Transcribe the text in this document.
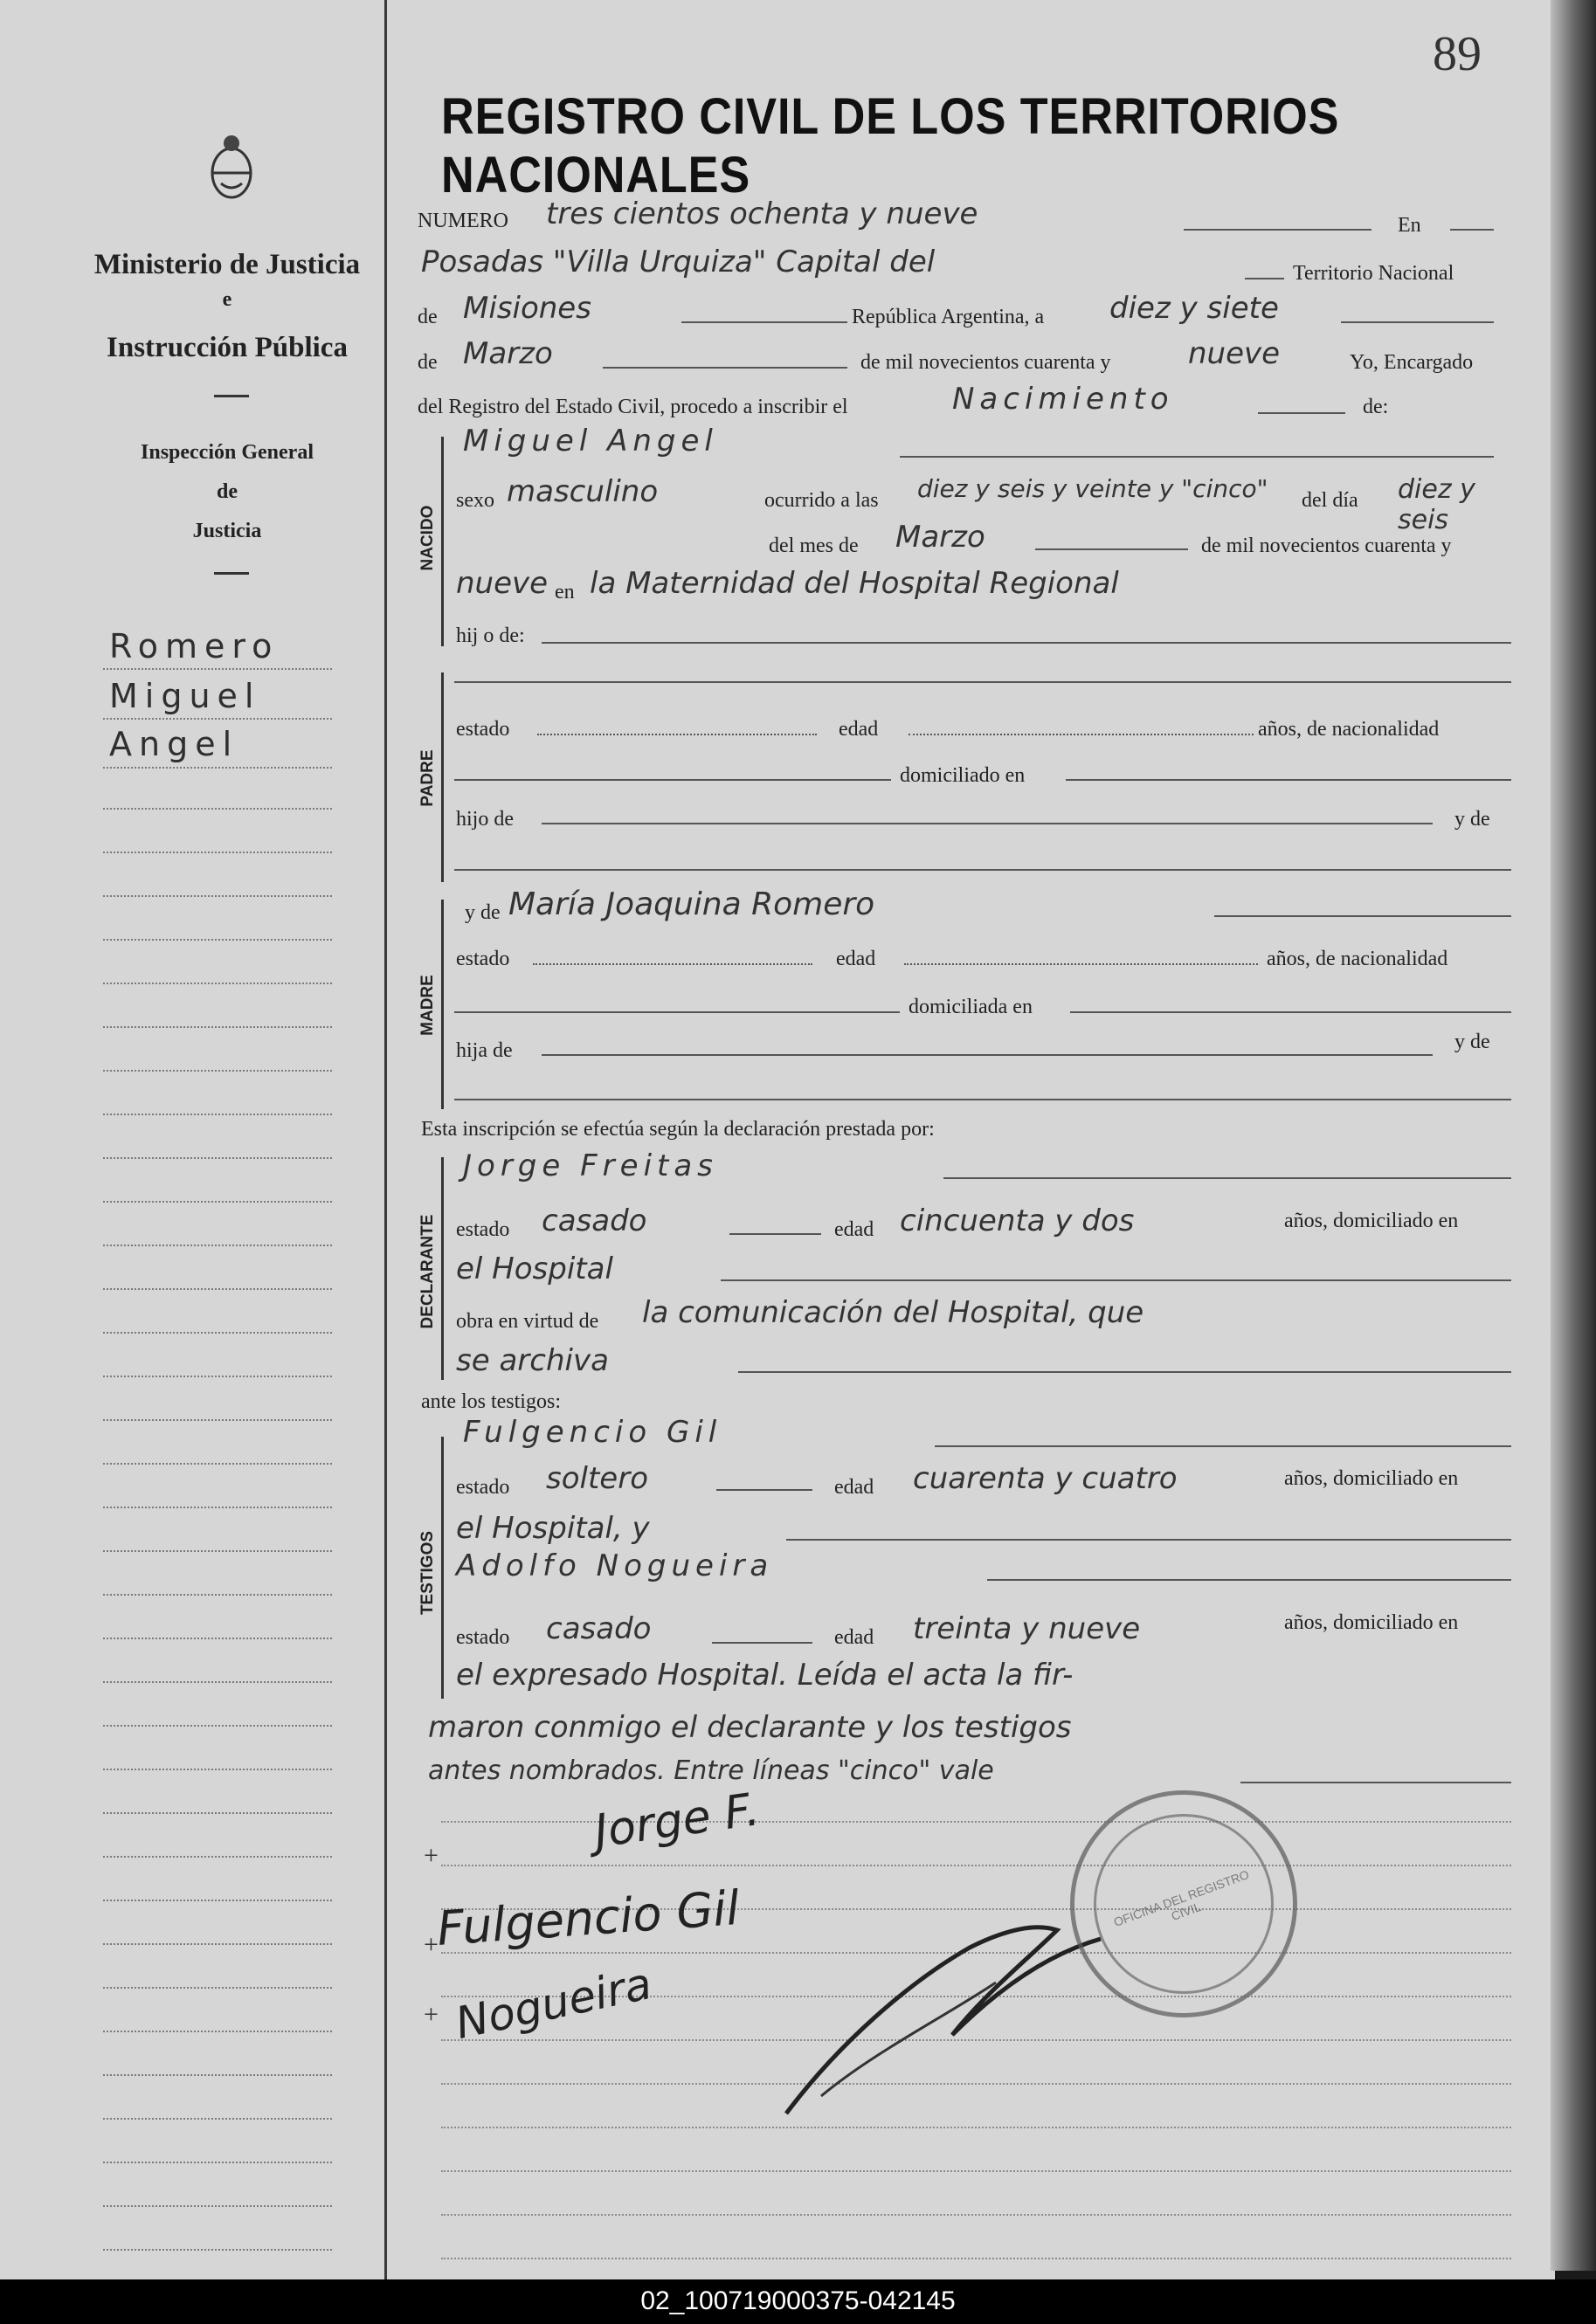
89
Ministerio de Justicia
e
Instrucción Pública
Inspección General
de
Justicia
Romero
Miguel
Angel
REGISTRO CIVIL DE LOS TERRITORIOS NACIONALES
NUMERO tres cientos ochenta y nueve	En
Posadas "Villa Urquiza" Capital del	Territorio Nacional
de Misiones	República Argentina, a diez y siete
de Marzo	de mil novecientos cuarenta y	nueve	Yo, Encargado
del Registro del Estado Civil, procedo a inscribir el	Nacimiento	de:
NACIDO
Miguel Angel
sexo masculino	ocurrido a las diez y seis y veinte y "cinco" del día diez y seis
del mes de Marzo	de mil novecientos cuarenta y
nueve en la Maternidad del Hospital Regional
hij o de:
PADRE
estado	edad	años, de nacionalidad
domiciliado en
hijo de	y de
MADRE
y de María Joaquina Romero
estado	edad	años, de nacionalidad
domiciliada en
hija de	y de
Esta inscripción se efectúa según la declaración prestada por:
DECLARANTE
Jorge Freitas
estado casado	edad cincuenta y dos	años, domiciliado en
el Hospital
obra en virtud de la comunicación del Hospital, que
se archiva
ante los testigos:
TESTIGOS
Fulgencio Gil
estado soltero	edad cuarenta y cuatro	años, domiciliado en
el Hospital, y
Adolfo Nogueira
estado casado	edad treinta y nueve	años, domiciliado en
el expresado Hospital. Leída el acta la fir-
maron conmigo el declarante y los testigos
antes nombrados. Entre líneas "cinco" vale
+
+
+
Jorge F.
Fulgencio Gil
Nogueira
OFICINA DEL REGISTRO CIVIL
02_100719000375-042145
